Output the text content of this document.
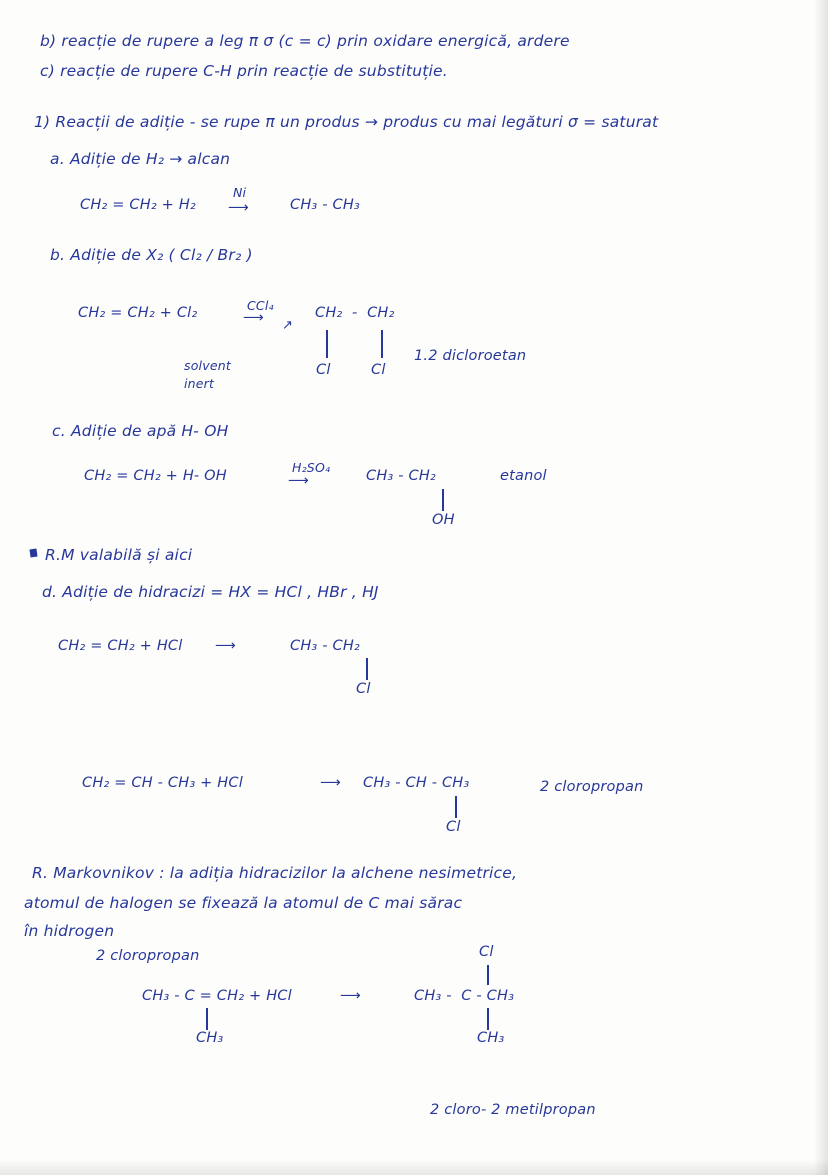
b) reacție de rupere a leg π σ (c = c) prin oxidare energică, ardere
c) reacție de rupere C-H prin reacție de substituție.
1) Reacții de adiție - se rupe π un produs → produs cu mai legături σ = saturat
a. Adiție de H₂ → alcan
CH₂ = CH₂ + H₂
Ni
⟶	CH₃ - CH₃
b. Adiție de X₂ ( Cl₂ / Br₂ )
CH₂ = CH₂ + Cl₂	CCl₄
⟶ ↗
CH₂  -  CH₂
Cl	Cl
solvent
inert
1.2 dicloroetan
c. Adiție de apă H- OH
CH₂ = CH₂ + H- OH
H₂SO₄
⟶	CH₃ - CH₂
OH
etanol
R.M valabilă și aici
d. Adiție de hidracizi = HX = HCl , HBr , HJ
CH₂ = CH₂ + HCl ⟶	CH₃ - CH₂
Cl
CH₂ = CH - CH₃ + HCl	⟶ CH₃ - CH - CH₃
Cl
2 cloropropan
R. Markovnikov : la adiția hidracizilor la alchene nesimetrice,
atomul de halogen se fixează la atomul de C mai sărac
în hidrogen
2 cloropropan
CH₃ - C = CH₂ + HCl
CH₃
⟶	CH₃ -  C - CH₃
Cl
CH₃
2 cloro- 2 metilpropan
